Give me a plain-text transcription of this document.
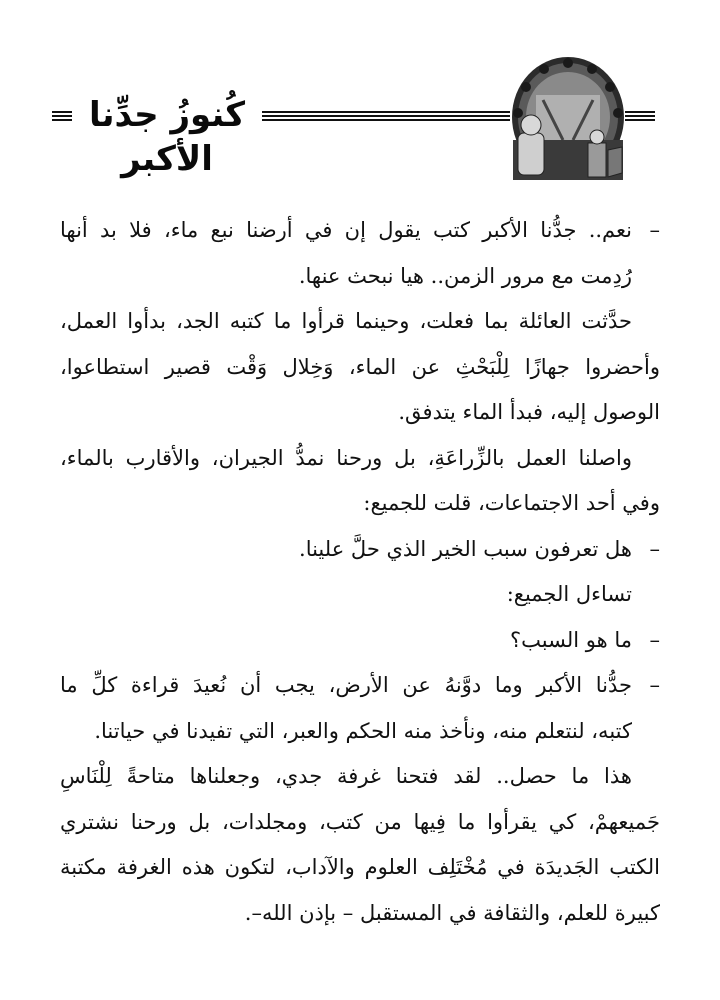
كُنوزُ جدِّنا الأكبر
–نعم.. جدُّنا الأكبر كتب يقول إن في أرضنا نبع ماء، فلا بد أنها
رُدِمت مع مرور الزمن.. هيا نبحث عنها.
حدَّثت العائلة بما فعلت، وحينما قرأوا ما كتبه الجد، بدأوا العمل،
وأحضروا جهازًا لِلْبَحْثِ عن الماء، وَخِلال وَقْت قصير استطاعوا،
الوصول إليه، فبدأ الماء يتدفق.
واصلنا العمل بالزِّراعَةِ، بل ورحنا نمدُّ الجيران، والأقارب بالماء،
وفي أحد الاجتماعات، قلت للجميع:
–هل تعرفون سبب الخير الذي حلَّ علينا.
تساءل الجميع:
–ما هو السبب؟
–جدُّنا الأكبر وما دوَّنهُ عن الأرض، يجب أن نُعيدَ قراءة كلِّ ما
كتبه، لنتعلم منه، ونأخذ منه الحكم والعبر، التي تفيدنا في حياتنا.
هذا ما حصل.. لقد فتحنا غرفة جدي، وجعلناها متاحةً لِلْنَاسِ
جَميعهمْ، كي يقرأوا ما فِيها من كتب، ومجلدات، بل ورحنا نشتري
الكتب الجَديدَة في مُخْتَلِف العلوم والآداب، لتكون هذه الغرفة مكتبة
كبيرة للعلم، والثقافة في المستقبل – بإذن الله–.
